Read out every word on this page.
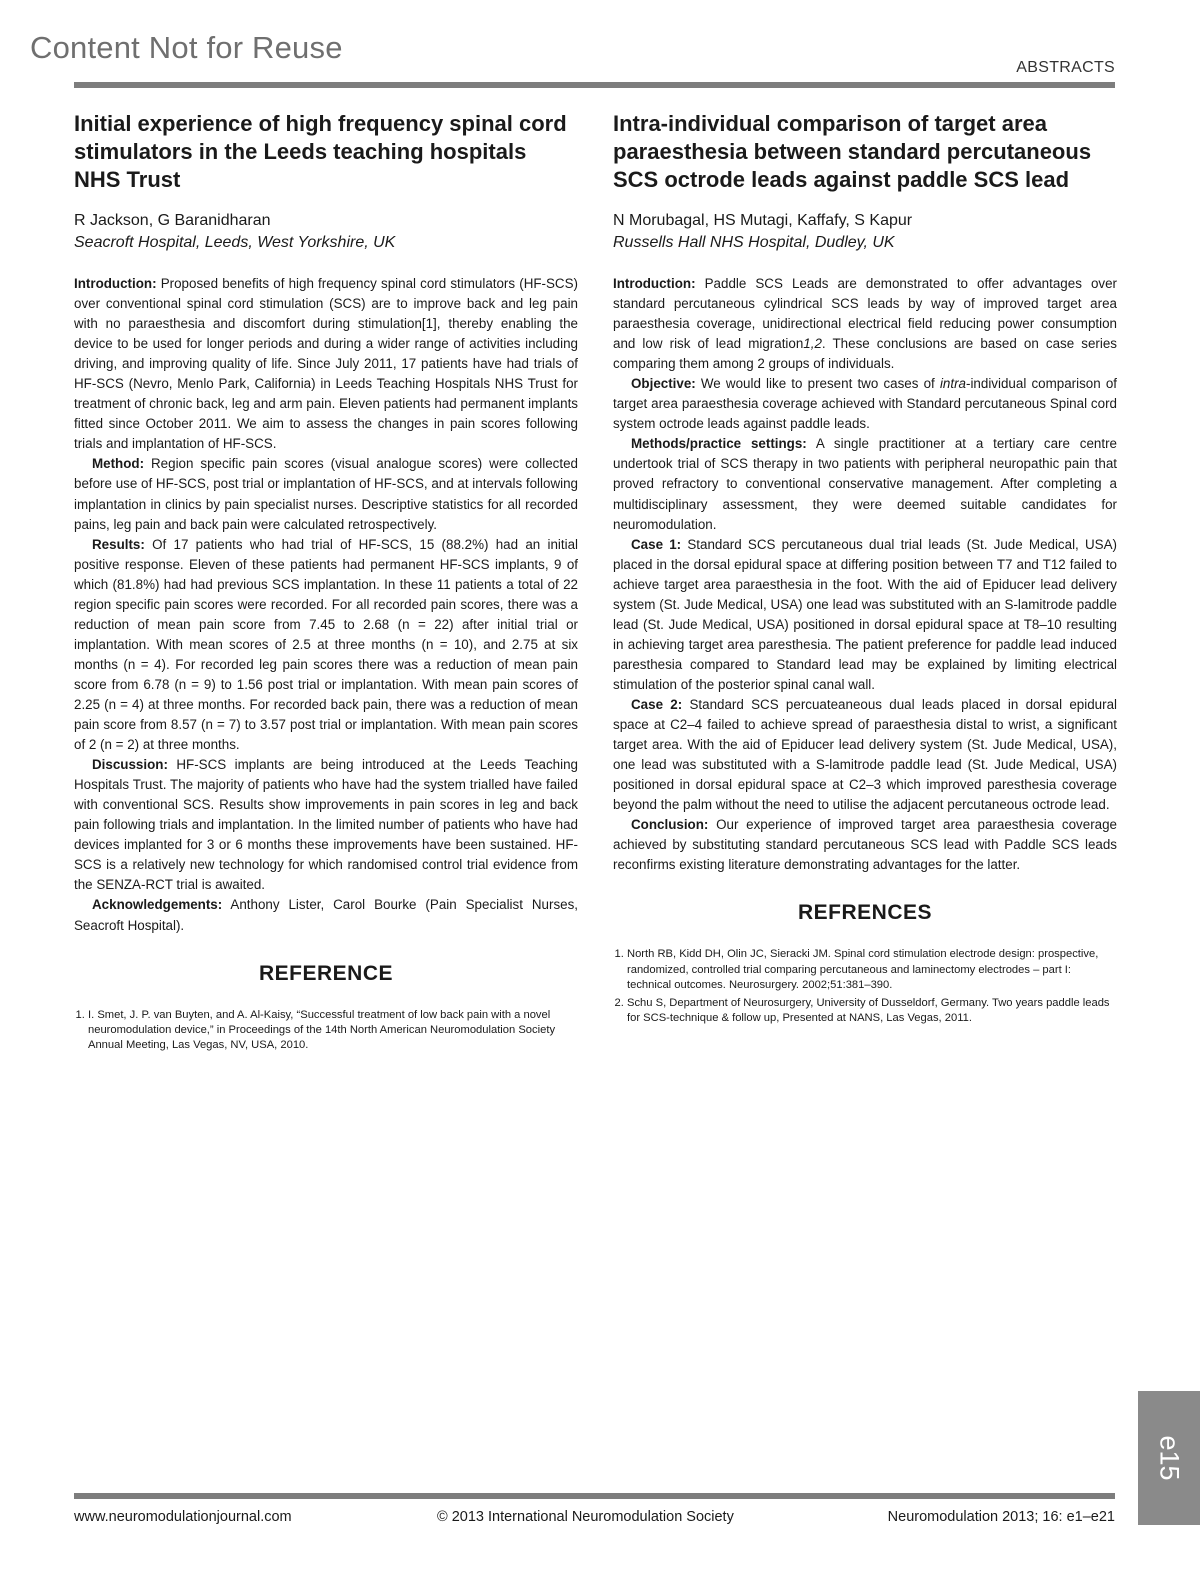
Content Not for Reuse
ABSTRACTS
Initial experience of high frequency spinal cord stimulators in the Leeds teaching hospitals NHS Trust

R Jackson, G Baranidharan

Seacroft Hospital, Leeds, West Yorkshire, UK

Introduction: Proposed benefits of high frequency spinal cord stimulators (HF-SCS) over conventional spinal cord stimulation (SCS) are to improve back and leg pain with no paraesthesia and discomfort during stimulation[1], thereby enabling the device to be used for longer periods and during a wider range of activities including driving, and improving quality of life. Since July 2011, 17 patients have had trials of HF-SCS (Nevro, Menlo Park, California) in Leeds Teaching Hospitals NHS Trust for treatment of chronic back, leg and arm pain. Eleven patients had permanent implants fitted since October 2011. We aim to assess the changes in pain scores following trials and implantation of HF-SCS.

Method: Region specific pain scores (visual analogue scores) were collected before use of HF-SCS, post trial or implantation of HF-SCS, and at intervals following implantation in clinics by pain specialist nurses. Descriptive statistics for all recorded pains, leg pain and back pain were calculated retrospectively.

Results: Of 17 patients who had trial of HF-SCS, 15 (88.2%) had an initial positive response. Eleven of these patients had permanent HF-SCS implants, 9 of which (81.8%) had had previous SCS implantation. In these 11 patients a total of 22 region specific pain scores were recorded. For all recorded pain scores, there was a reduction of mean pain score from 7.45 to 2.68 (n = 22) after initial trial or implantation. With mean scores of 2.5 at three months (n = 10), and 2.75 at six months (n = 4). For recorded leg pain scores there was a reduction of mean pain score from 6.78 (n = 9) to 1.56 post trial or implantation. With mean pain scores of 2.25 (n = 4) at three months. For recorded back pain, there was a reduction of mean pain score from 8.57 (n = 7) to 3.57 post trial or implantation. With mean pain scores of 2 (n = 2) at three months.

Discussion: HF-SCS implants are being introduced at the Leeds Teaching Hospitals Trust. The majority of patients who have had the system trialled have failed with conventional SCS. Results show improvements in pain scores in leg and back pain following trials and implantation. In the limited number of patients who have had devices implanted for 3 or 6 months these improvements have been sustained. HF-SCS is a relatively new technology for which randomised control trial evidence from the SENZA-RCT trial is awaited.

Acknowledgements: Anthony Lister, Carol Bourke (Pain Specialist Nurses, Seacroft Hospital).

REFERENCE
1. I. Smet, J. P. van Buyten, and A. Al-Kaisy, “Successful treatment of low back pain with a novel neuromodulation device,” in Proceedings of the 14th North American Neuromodulation Society Annual Meeting, Las Vegas, NV, USA, 2010.
Intra-individual comparison of target area paraesthesia between standard percutaneous SCS octrode leads against paddle SCS lead

N Morubagal, HS Mutagi, Kaffafy, S Kapur

Russells Hall NHS Hospital, Dudley, UK

Introduction: Paddle SCS Leads are demonstrated to offer advantages over standard percutaneous cylindrical SCS leads by way of improved target area paraesthesia coverage, unidirectional electrical field reducing power consumption and low risk of lead migration1,2. These conclusions are based on case series comparing them among 2 groups of individuals.

Objective: We would like to present two cases of intra-individual comparison of target area paraesthesia coverage achieved with Standard percutaneous Spinal cord system octrode leads against paddle leads.

Methods/practice settings: A single practitioner at a tertiary care centre undertook trial of SCS therapy in two patients with peripheral neuropathic pain that proved refractory to conventional conservative management. After completing a multidisciplinary assessment, they were deemed suitable candidates for neuromodulation.

Case 1: Standard SCS percutaneous dual trial leads (St. Jude Medical, USA) placed in the dorsal epidural space at differing position between T7 and T12 failed to achieve target area paraesthesia in the foot. With the aid of Epiducer lead delivery system (St. Jude Medical, USA) one lead was substituted with an S-lamitrode paddle lead (St. Jude Medical, USA) positioned in dorsal epidural space at T8–10 resulting in achieving target area paresthesia. The patient preference for paddle lead induced paresthesia compared to Standard lead may be explained by limiting electrical stimulation of the posterior spinal canal wall.

Case 2: Standard SCS percuateaneous dual leads placed in dorsal epidural space at C2–4 failed to achieve spread of paraesthesia distal to wrist, a significant target area. With the aid of Epiducer lead delivery system (St. Jude Medical, USA), one lead was substituted with a S-lamitrode paddle lead (St. Jude Medical, USA) positioned in dorsal epidural space at C2–3 which improved paresthesia coverage beyond the palm without the need to utilise the adjacent percutaneous octrode lead.

Conclusion: Our experience of improved target area paraesthesia coverage achieved by substituting standard percutaneous SCS lead with Paddle SCS leads reconfirms existing literature demonstrating advantages for the latter.

REFRENCES
1. North RB, Kidd DH, Olin JC, Sieracki JM. Spinal cord stimulation electrode design: prospective, randomized, controlled trial comparing percutaneous and laminectomy electrodes – part I: technical outcomes. Neurosurgery. 2002;51:381–390.
2. Schu S, Department of Neurosurgery, University of Dusseldorf, Germany. Two years paddle leads for SCS-technique & follow up, Presented at NANS, Las Vegas, 2011.
e15
www.neuromodulationjournal.com	© 2013 International Neuromodulation Society	Neuromodulation 2013; 16: e1–e21
